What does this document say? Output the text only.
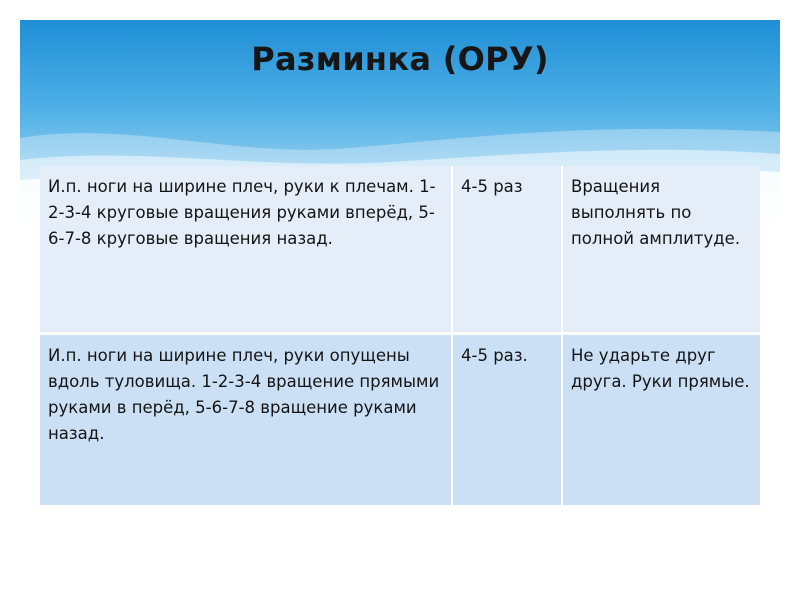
Разминка (ОРУ)
И.п. ноги на ширине плеч, руки к плечам. 1-2-3-4 круговые вращения руками вперёд, 5-6-7-8 круговые вращения назад.	4-5 раз	Вращения выполнять по полной амплитуде.
И.п. ноги на ширине плеч, руки опущены вдоль туловища. 1-2-3-4 вращение прямыми руками в перёд, 5-6-7-8 вращение руками назад.	4-5 раз.	Не ударьте друг друга. Руки прямые.
